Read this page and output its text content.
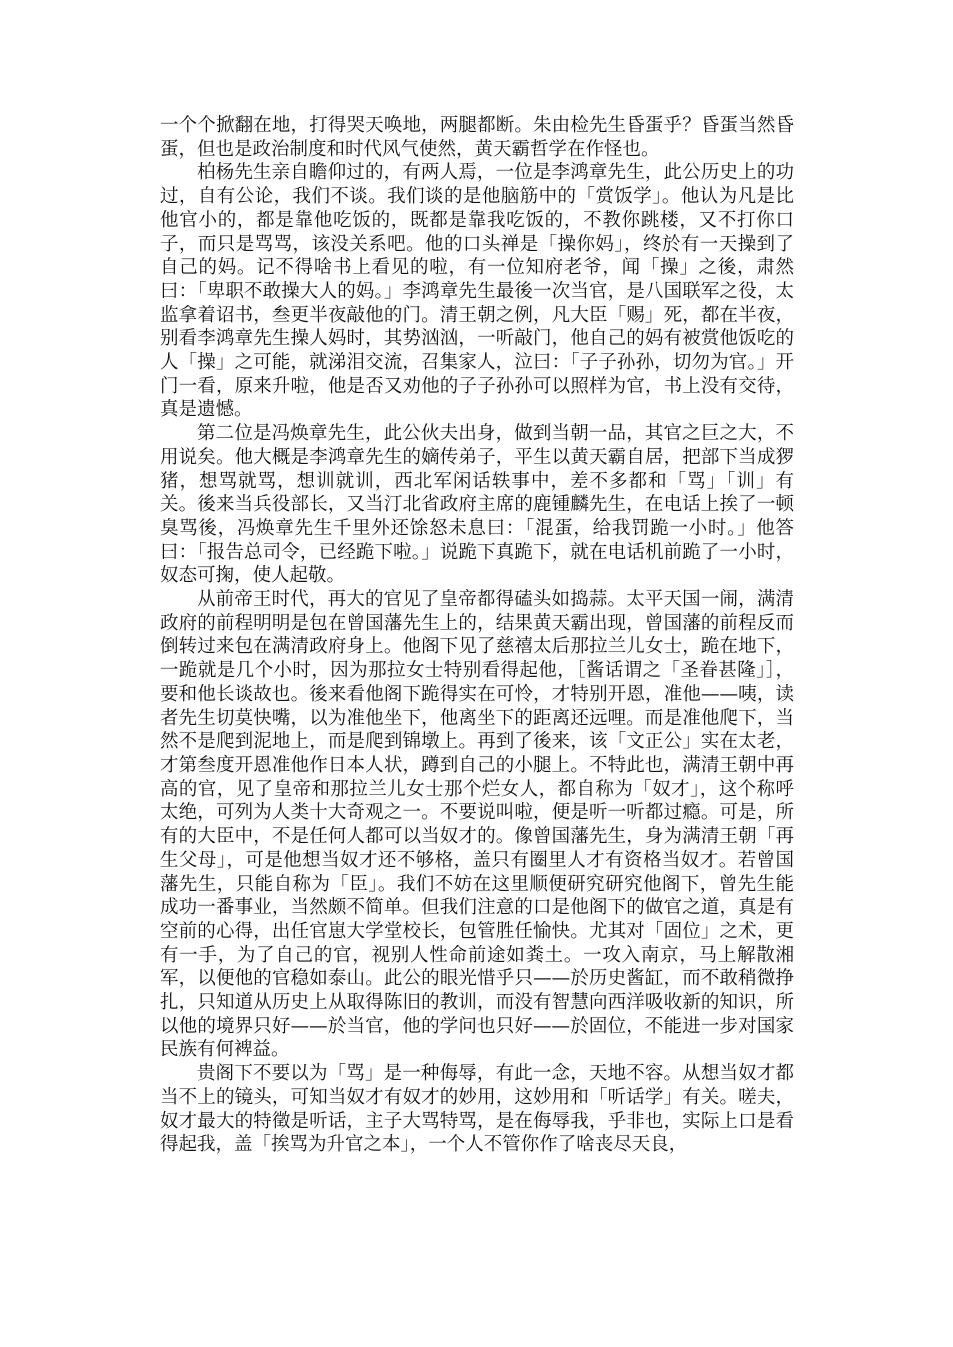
一个个掀翻在地，打得哭天唤地，两腿都断。朱由检先生昏蛋乎？昏蛋当然昏蛋，但也是政治制度和时代风气使然，黄天霸哲学在作怪也。

柏杨先生亲自瞻仰过的，有两人焉，一位是李鸿章先生，此公历史上的功过，自有公论，我们不谈。我们谈的是他脑筋中的「赏饭学」。他认为凡是比他官小的，都是靠他吃饭的，既都是靠我吃饭的，不教你跳楼，又不打你口子，而只是骂骂，该没关系吧。他的口头禅是「操你妈」，终於有一天操到了自己的妈。记不得啥书上看见的啦，有一位知府老爷，闻「操」之後，肃然曰：「卑职不敢操大人的妈。」李鸿章先生最後一次当官，是八国联军之役，太监拿着诏书，叁更半夜敲他的门。清王朝之例，凡大臣「赐」死，都在半夜，别看李鸿章先生操人妈时，其势汹汹，一听敲门，他自己的妈有被赏他饭吃的人「操」之可能，就涕泪交流，召集家人，泣曰：「子子孙孙，切勿为官。」开门一看，原来升啦，他是否又劝他的子子孙孙可以照样为官，书上没有交待，真是遗憾。

第二位是冯焕章先生，此公伙夫出身，做到当朝一品，其官之巨之大，不用说矣。他大概是李鸿章先生的嫡传弟子，平生以黄天霸自居，把部下当成猡猪，想骂就骂，想训就训，西北军闲话轶事中，差不多都和「骂」「训」有关。後来当兵役部长，又当汀北省政府主席的鹿锺麟先生，在电话上挨了一顿臭骂後，冯焕章先生千里外还馀怒未息曰：「混蛋，给我罚跪一小时。」他答曰：「报告总司令，已经跪下啦。」说跪下真跪下，就在电话机前跪了一小时，奴态可掬，使人起敬。

从前帝王时代，再大的官见了皇帝都得磕头如捣蒜。太平天国一闹，满清政府的前程明明是包在曾国藩先生上的，结果黄天霸出现，曾国藩的前程反而倒转过来包在满清政府身上。他阁下见了慈禧太后那拉兰儿女士，跪在地下，一跪就是几个小时，因为那拉女士特别看得起他，［酱话谓之「圣眷甚隆」］，要和他长谈故也。後来看他阁下跪得实在可怜，才特别开恩，准他——咦，读者先生切莫快嘴，以为准他坐下，他离坐下的距离还远哩。而是准他爬下，当然不是爬到泥地上，而是爬到锦墩上。再到了後来，该「文正公」实在太老，才第叁度开恩准他作日本人状，蹲到自己的小腿上。不特此也，满清王朝中再高的官，见了皇帝和那拉兰儿女士那个烂女人，都自称为「奴才」，这个称呼太绝，可列为人类十大奇观之一。不要说叫啦，便是听一听都过瘾。可是，所有的大臣中，不是任何人都可以当奴才的。像曾国藩先生，身为满清王朝「再生父母」，可是他想当奴才还不够格，盖只有圈里人才有资格当奴才。若曾国藩先生，只能自称为「臣」。我们不妨在这里顺便研究研究他阁下，曾先生能成功一番事业，当然颇不简单。但我们注意的口是他阁下的做官之道，真是有空前的心得，出任官崽大学堂校长，包管胜任愉快。尤其对「固位」之术，更有一手，为了自己的官，视别人性命前途如粪土。一攻入南京，马上解散湘军，以便他的官稳如泰山。此公的眼光惜乎只——於历史酱缸，而不敢稍微挣扎，只知道从历史上从取得陈旧的教训，而没有智慧向西洋吸收新的知识，所以他的境界只好——於当官，他的学问也只好——於固位，不能进一步对国家民族有何裨益。

贵阁下不要以为「骂」是一种侮辱，有此一念，天地不容。从想当奴才都当不上的镜头，可知当奴才有奴才的妙用，这妙用和「听话学」有关。嗟夫，奴才最大的特徵是听话，主子大骂特骂，是在侮辱我，乎非也，实际上口是看得起我，盖「挨骂为升官之本」，一个人不管你作了啥丧尽天良，
